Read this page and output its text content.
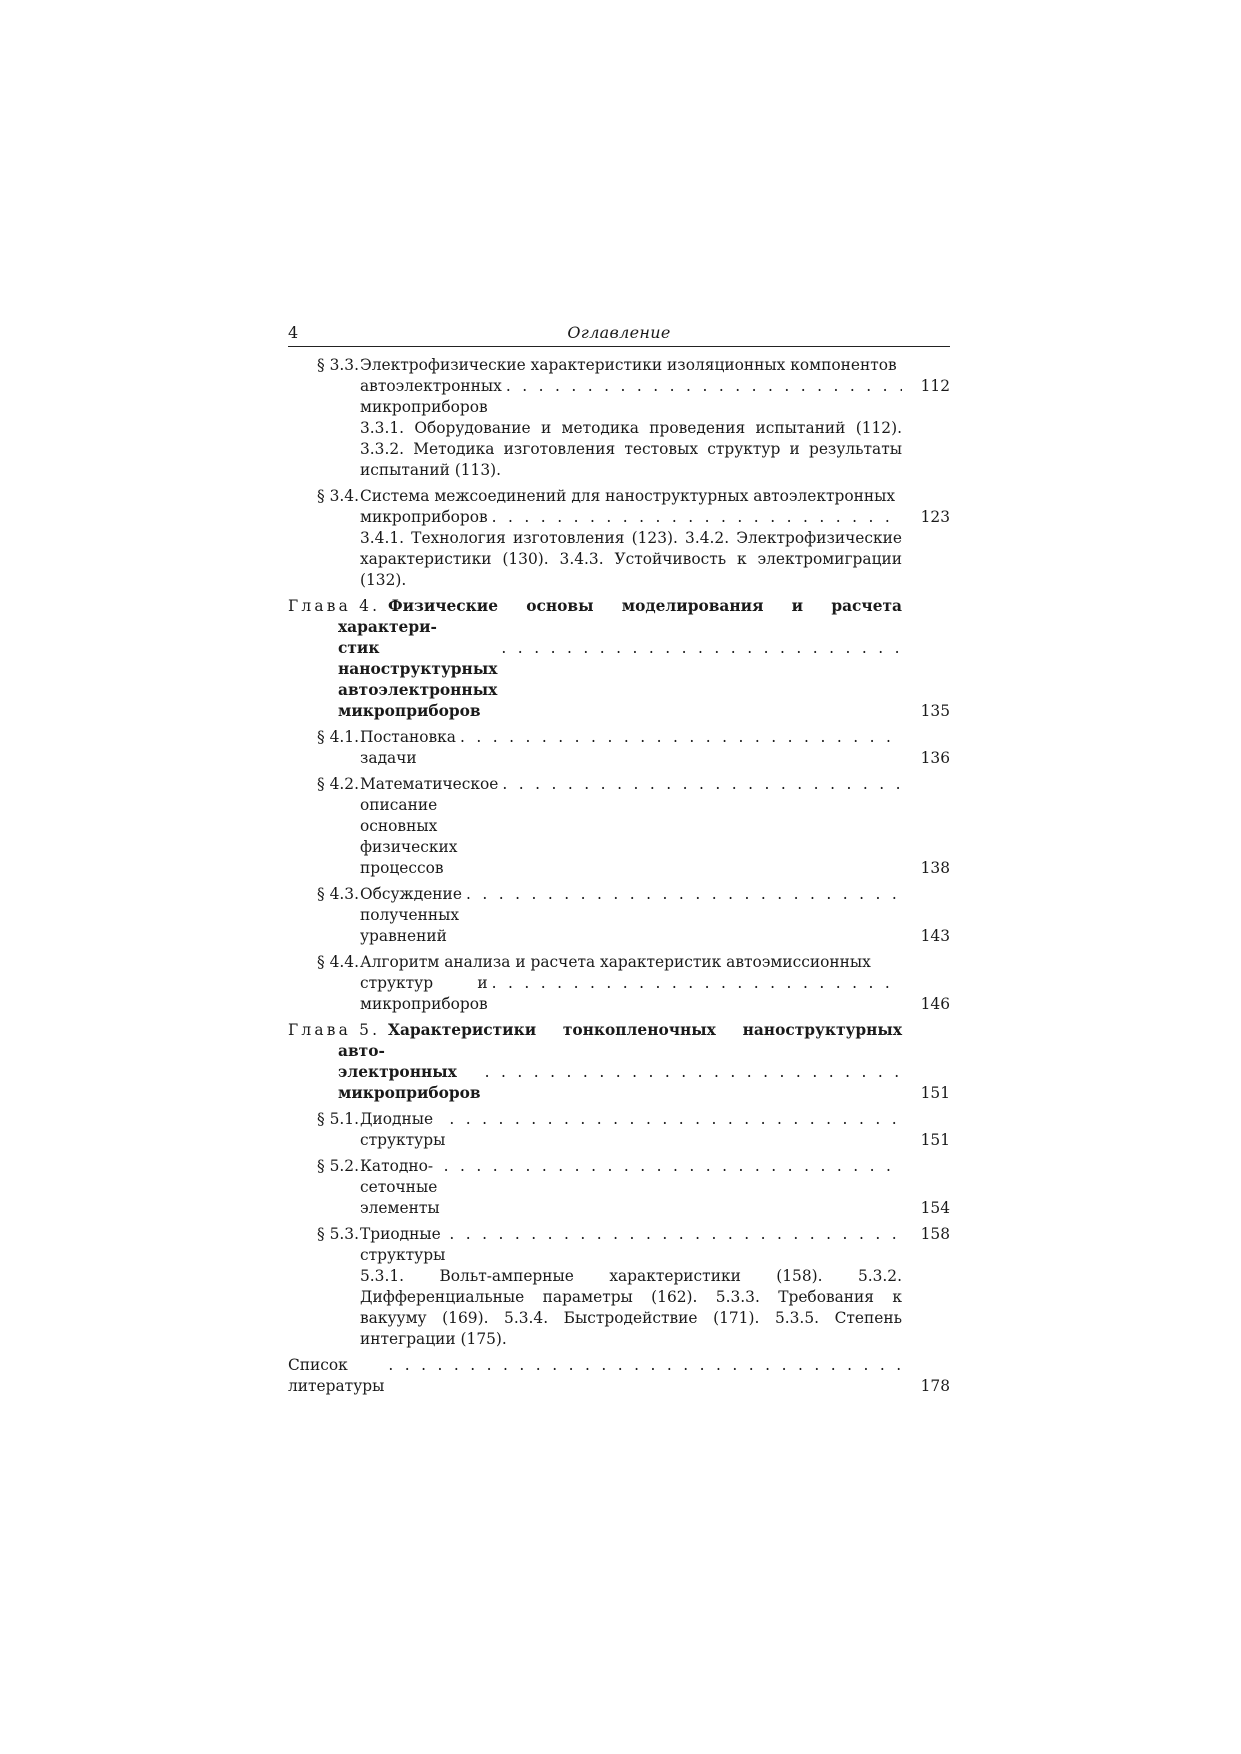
4	Оглавление
§ 3.3. Электрофизические характеристики изоляционных компонентов
автоэлектронных микроприборов
. . .
112
3.3.1. Оборудование и методика проведения испытаний (112). 3.3.2. Методика изготовления тестовых структур и результаты испытаний (113).
§ 3.4. Система межсоединений для наноструктурных автоэлектронных
микроприборов
. . .	123
3.4.1. Технология изготовления (123). 3.4.2. Электрофизические характеристики (130). 3.4.3. Устойчивость к электромиграции (132).
Глава 4. Физические основы моделирования и расчета характери-
стик наноструктурных автоэлектронных микроприборов
. . .	135
§ 4.1. Постановка задачи
. . .	136
§ 4.2. Математическое описание основных физических процессов
. . .	138
§ 4.3. Обсуждение полученных уравнений
. . .	143
§ 4.4. Алгоритм анализа и расчета характеристик автоэмиссионных
структур и микроприборов
. . .	146
Глава 5. Характеристики тонкопленочных наноструктурных авто-
электронных микроприборов
. . .	151
§ 5.1. Диодные структуры
. . .	151
§ 5.2. Катодно-сеточные элементы
. . .	154
§ 5.3. Триодные структуры
. . .
158
5.3.1. Вольт-амперные характеристики (158). 5.3.2. Дифференциальные параметры (162). 5.3.3. Требования к вакууму (169). 5.3.4. Быстродействие (171). 5.3.5. Степень интеграции (175).
Список литературы
. . .	178
